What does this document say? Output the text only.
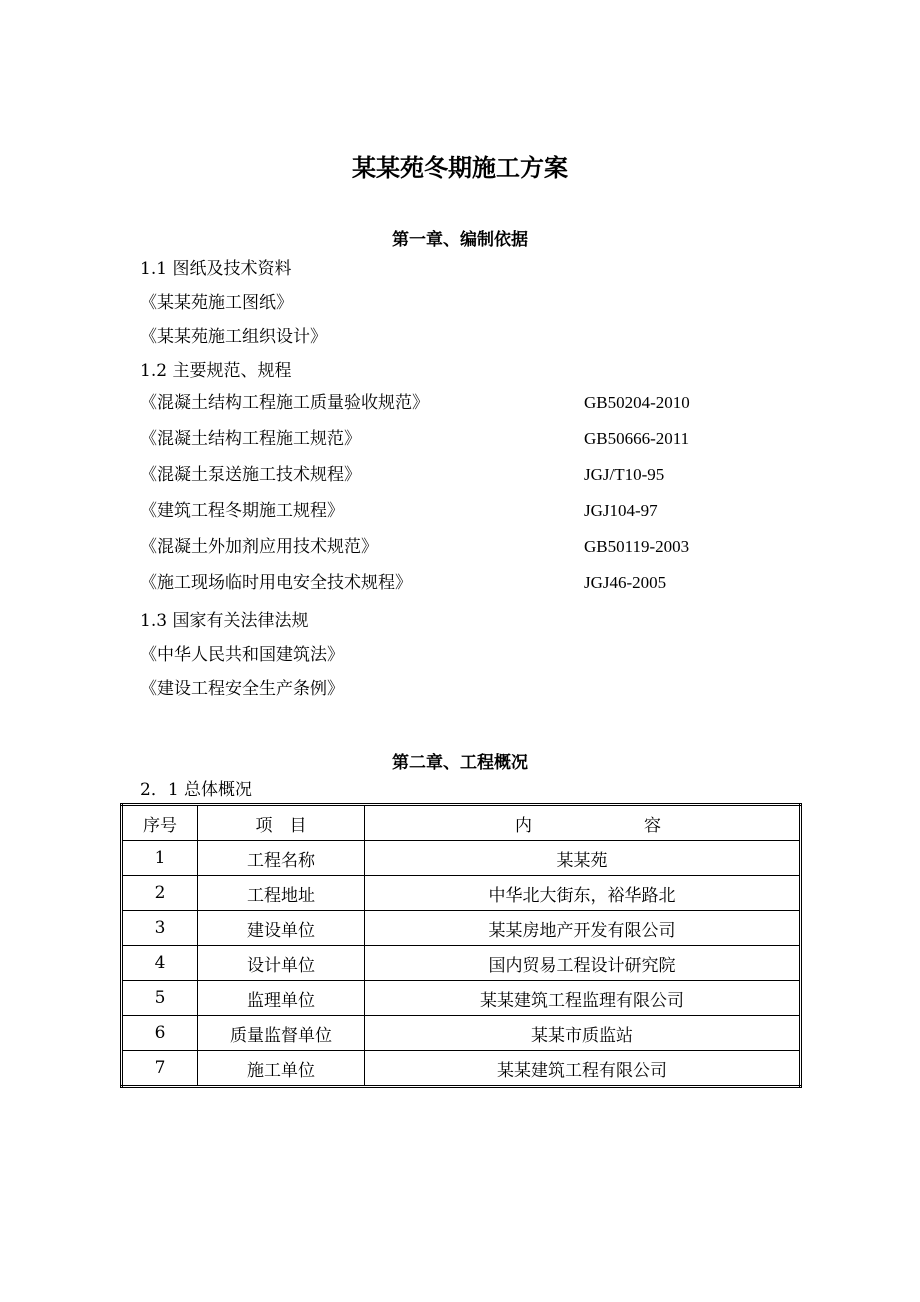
某某苑冬期施工方案
第一章、编制依据
1.1 图纸及技术资料
《某某苑施工图纸》
《某某苑施工组织设计》
1.2 主要规范、规程
《混凝土结构工程施工质量验收规范》	GB50204-2010
《混凝土结构工程施工规范》	GB50666-2011
《混凝土泵送施工技术规程》	JGJ/T10-95
《建筑工程冬期施工规程》	JGJ104-97
《混凝土外加剂应用技术规范》	GB50119-2003
《施工现场临时用电安全技术规程》	JGJ46-2005
1.3 国家有关法律法规
《中华人民共和国建筑法》
《建设工程安全生产条例》
第二章、工程概况
2．1 总体概况
序号	项　目	内 容

1	工程名称	某某苑
2	工程地址	中华北大街东，裕华路北
3	建设单位	某某房地产开发有限公司
4	设计单位	国内贸易工程设计研究院
5	监理单位	某某建筑工程监理有限公司
6	质量监督单位	某某市质监站
7	施工单位	某某建筑工程有限公司
